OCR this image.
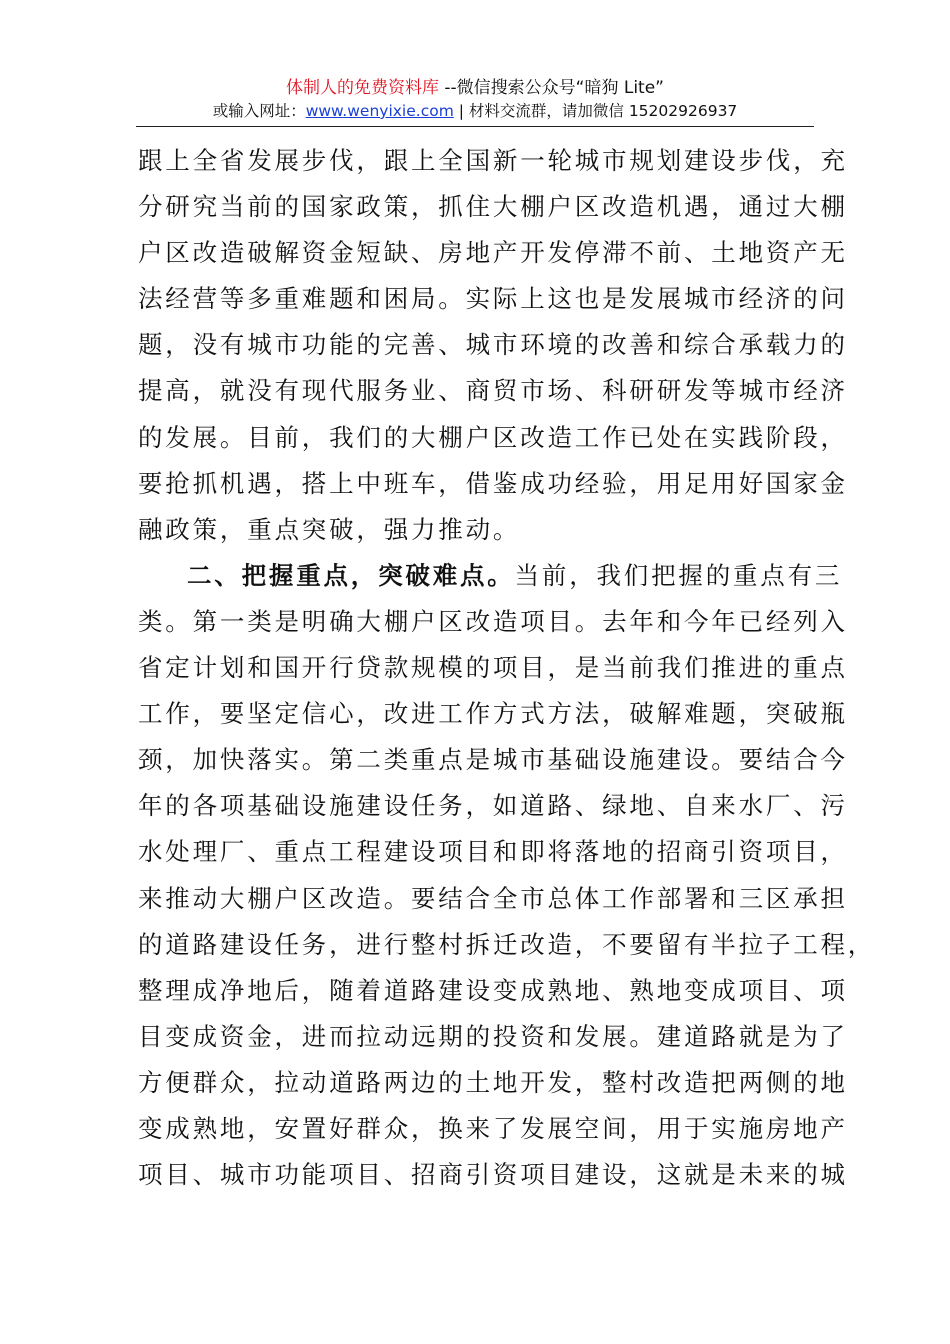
体制人的免费资料库 --微信搜索公众号“暗狗 Lite”
或输入网址：www.wenyixie.com | 材料交流群，请加微信 15202926937
跟上全省发展步伐，跟上全国新一轮城市规划建设步伐，充
分研究当前的国家政策，抓住大棚户区改造机遇，通过大棚
户区改造破解资金短缺、房地产开发停滞不前、土地资产无
法经营等多重难题和困局。实际上这也是发展城市经济的问
题，没有城市功能的完善、城市环境的改善和综合承载力的
提高，就没有现代服务业、商贸市场、科研研发等城市经济
的发展。目前，我们的大棚户区改造工作已处在实践阶段，
要抢抓机遇，搭上中班车，借鉴成功经验，用足用好国家金
融政策，重点突破，强力推动。
二、把握重点，突破难点。当前，我们把握的重点有三
类。第一类是明确大棚户区改造项目。去年和今年已经列入
省定计划和国开行贷款规模的项目，是当前我们推进的重点
工作，要坚定信心，改进工作方式方法，破解难题，突破瓶
颈，加快落实。第二类重点是城市基础设施建设。要结合今
年的各项基础设施建设任务，如道路、绿地、自来水厂、污
水处理厂、重点工程建设项目和即将落地的招商引资项目，
来推动大棚户区改造。要结合全市总体工作部署和三区承担
的道路建设任务，进行整村拆迁改造，不要留有半拉子工程，
整理成净地后，随着道路建设变成熟地、熟地变成项目、项
目变成资金，进而拉动远期的投资和发展。建道路就是为了
方便群众，拉动道路两边的土地开发，整村改造把两侧的地
变成熟地，安置好群众，换来了发展空间，用于实施房地产
项目、城市功能项目、招商引资项目建设，这就是未来的城
